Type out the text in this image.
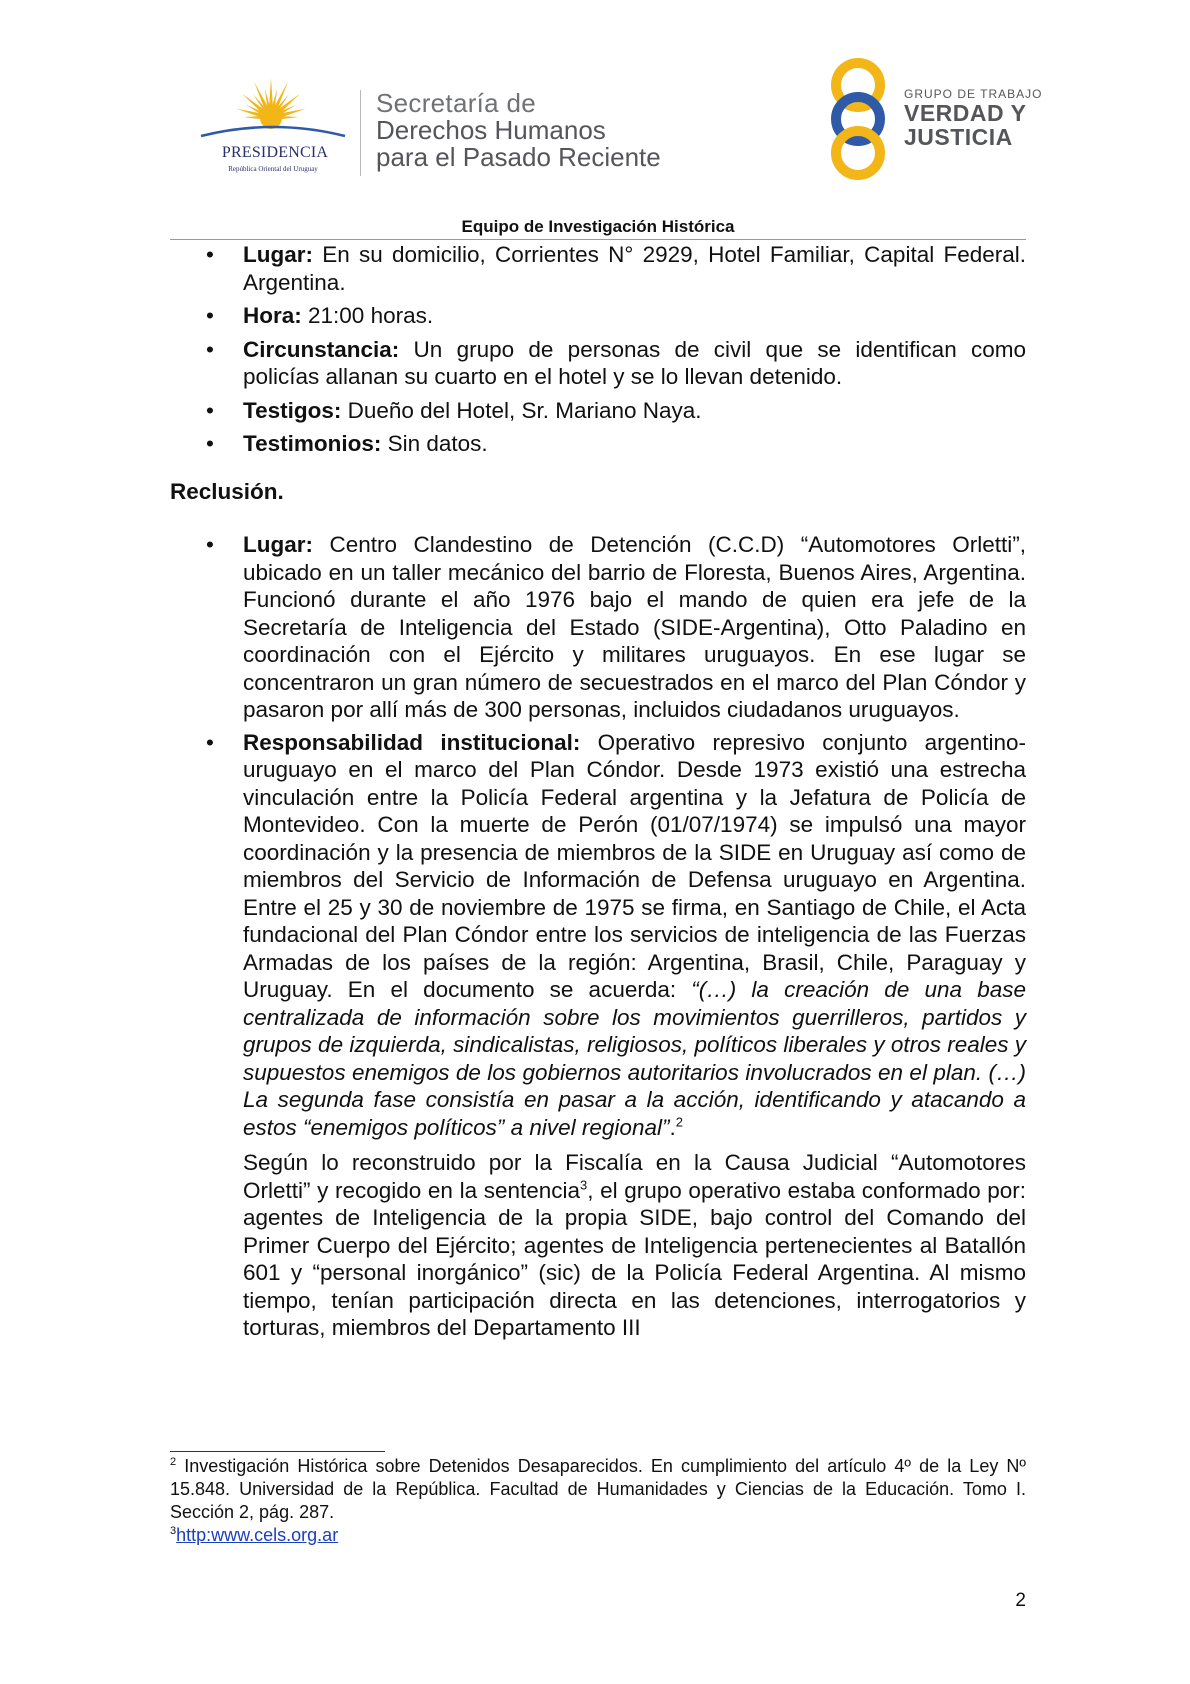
PRESIDENCIA
República Oriental del Uruguay
Secretaría de
Derechos Humanos
para el Pasado Reciente
GRUPO DE TRABAJO
VERDAD Y
JUSTICIA
Equipo de Investigación Histórica
• Lugar: En su domicilio, Corrientes N° 2929, Hotel Familiar, Capital Federal. Argentina.
• Hora: 21:00 horas.
• Circunstancia: Un grupo de personas de civil que se identifican como policías allanan su cuarto en el hotel y se lo llevan detenido.
• Testigos: Dueño del Hotel, Sr. Mariano Naya.
• Testimonios: Sin datos.
Reclusión.
• Lugar: Centro Clandestino de Detención (C.C.D) “Automotores Orletti”, ubicado en un taller mecánico del barrio de Floresta, Buenos Aires, Argentina. Funcionó durante el año 1976 bajo el mando de quien era jefe de la Secretaría de Inteligencia del Estado (SIDE-Argentina), Otto Paladino en coordinación con el Ejército y militares uruguayos. En ese lugar se concentraron un gran número de secuestrados en el marco del Plan Cóndor y pasaron por allí más de 300 personas, incluidos ciudadanos uruguayos.
• Responsabilidad institucional: Operativo represivo conjunto argentino-uruguayo en el marco del Plan Cóndor. Desde 1973 existió una estrecha vinculación entre la Policía Federal argentina y la Jefatura de Policía de Montevideo. Con la muerte de Perón (01/07/1974) se impulsó una mayor coordinación y la presencia de miembros de la SIDE en Uruguay así como de miembros del Servicio de Información de Defensa uruguayo en Argentina. Entre el 25 y 30 de noviembre de 1975 se firma, en Santiago de Chile, el Acta fundacional del Plan Cóndor entre los servicios de inteligencia de las Fuerzas Armadas de los países de la región: Argentina, Brasil, Chile, Paraguay y Uruguay. En el documento se acuerda: “(…) la creación de una base centralizada de información sobre los movimientos guerrilleros, partidos y grupos de izquierda, sindicalistas, religiosos, políticos liberales y otros reales y supuestos enemigos de los gobiernos autoritarios involucrados en el plan. (…) La segunda fase consistía en pasar a la acción, identificando y atacando a estos “enemigos políticos” a nivel regional”.$^2$

Según lo reconstruido por la Fiscalía en la Causa Judicial “Automotores Orletti” y recogido en la sentencia$^3$, el grupo operativo estaba conformado por: agentes de Inteligencia de la propia SIDE, bajo control del Comando del Primer Cuerpo del Ejército; agentes de Inteligencia pertenecientes al Batallón 601 y “personal inorgánico” (sic) de la Policía Federal Argentina. Al mismo tiempo, tenían participación directa en las detenciones, interrogatorios y torturas, miembros del Departamento III

$^2$ Investigación Histórica sobre Detenidos Desaparecidos. En cumplimiento del artículo 4º de la Ley Nº 15.848. Universidad de la República. Facultad de Humanidades y Ciencias de la Educación. Tomo I. Sección 2, pág. 287.
$^3$http:www.cels.org.ar
2
